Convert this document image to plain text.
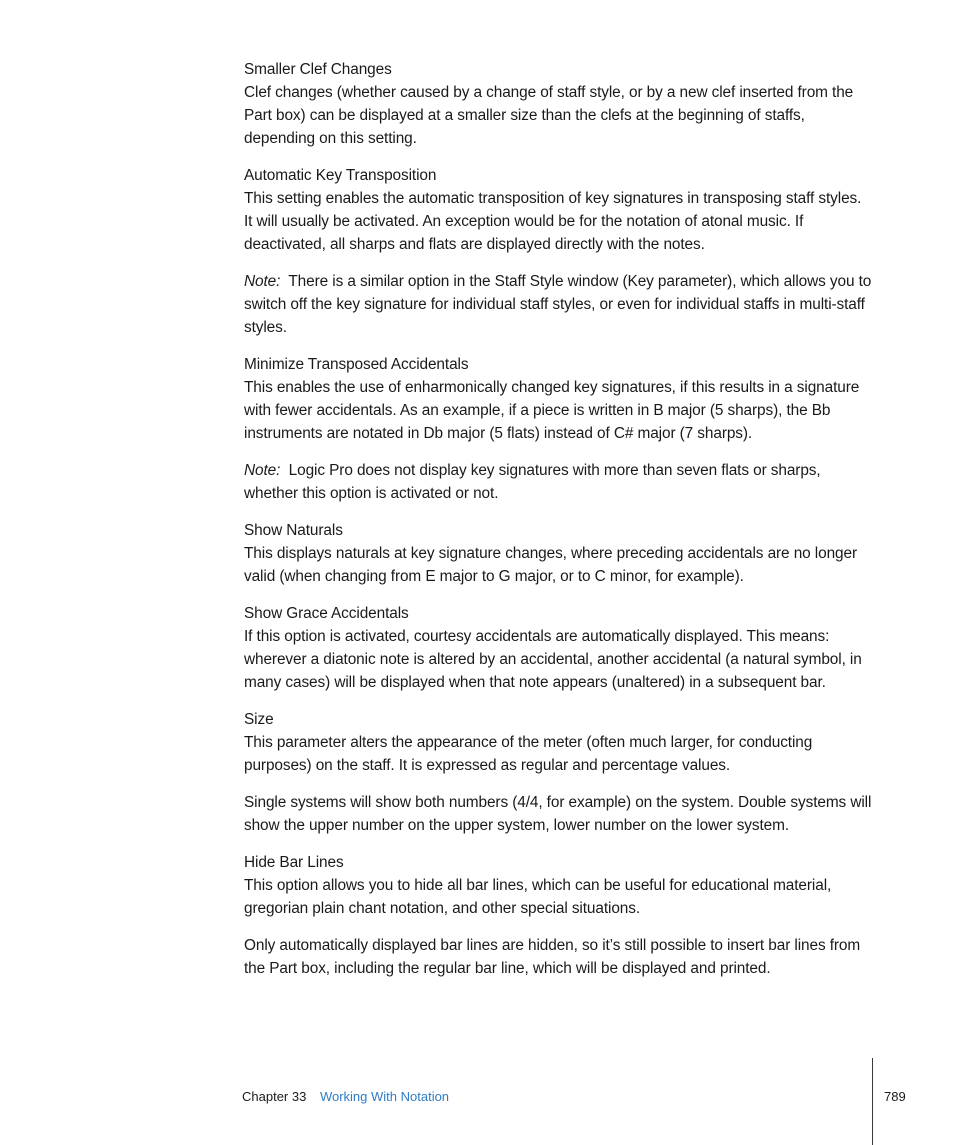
Smaller Clef Changes

Clef changes (whether caused by a change of staff style, or by a new clef inserted from the Part box) can be displayed at a smaller size than the clefs at the beginning of staffs, depending on this setting.

Automatic Key Transposition

This setting enables the automatic transposition of key signatures in transposing staff styles. It will usually be activated. An exception would be for the notation of atonal music. If deactivated, all sharps and flats are displayed directly with the notes.

Note: There is a similar option in the Staff Style window (Key parameter), which allows you to switch off the key signature for individual staff styles, or even for individual staffs in multi-staff styles.

Minimize Transposed Accidentals

This enables the use of enharmonically changed key signatures, if this results in a signature with fewer accidentals. As an example, if a piece is written in B major (5 sharps), the Bb instruments are notated in Db major (5 flats) instead of C# major (7 sharps).

Note: Logic Pro does not display key signatures with more than seven flats or sharps, whether this option is activated or not.

Show Naturals

This displays naturals at key signature changes, where preceding accidentals are no longer valid (when changing from E major to G major, or to C minor, for example).

Show Grace Accidentals

If this option is activated, courtesy accidentals are automatically displayed. This means: wherever a diatonic note is altered by an accidental, another accidental (a natural symbol, in many cases) will be displayed when that note appears (unaltered) in a subsequent bar.

Size

This parameter alters the appearance of the meter (often much larger, for conducting purposes) on the staff. It is expressed as regular and percentage values.

Single systems will show both numbers (4/4, for example) on the system. Double systems will show the upper number on the upper system, lower number on the lower system.

Hide Bar Lines

This option allows you to hide all bar lines, which can be useful for educational material, gregorian plain chant notation, and other special situations.

Only automatically displayed bar lines are hidden, so it’s still possible to insert bar lines from the Part box, including the regular bar line, which will be displayed and printed.

Chapter 33 Working With Notation	789
